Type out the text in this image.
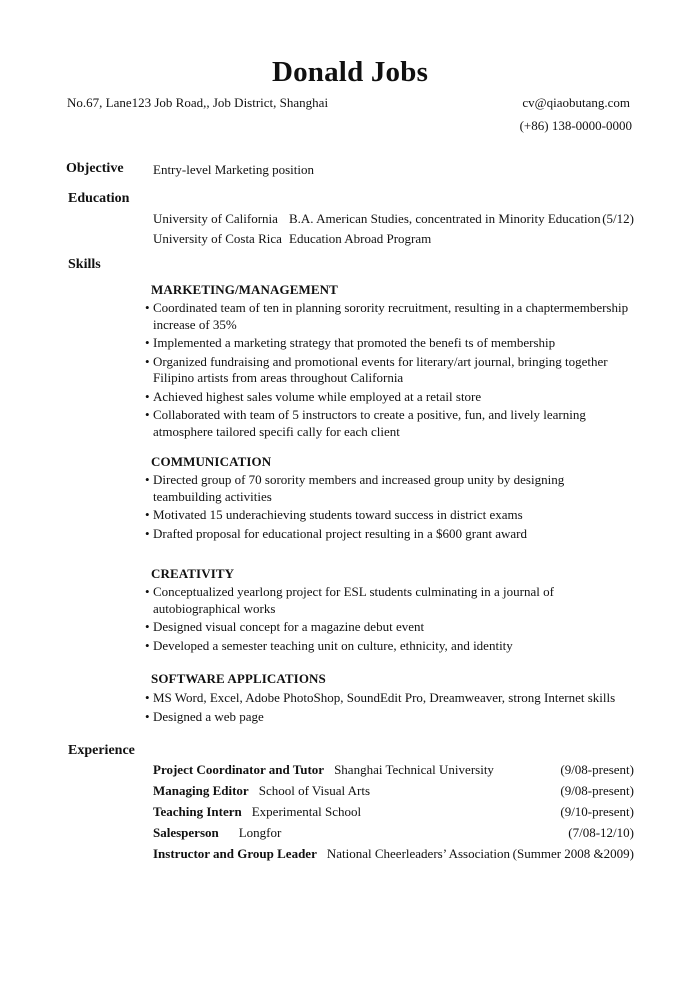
Donald Jobs
No.67, Lane123 Job Road,, Job District, Shanghai	cv@qiaobutang.com
(+86) 138-0000-0000
Objective Entry-level Marketing position
Education
University of California B.A. American Studies, concentrated in Minority Education (5/12)
University of Costa Rica Education Abroad Program
Skills
MARKETING/MANAGEMENT
• Coordinated team of ten in planning sorority recruitment, resulting in a chaptermembership increase of 35%
• Implemented a marketing strategy that promoted the benefi ts of membership
• Organized fundraising and promotional events for literary/art journal, bringing together Filipino artists from areas throughout California
• Achieved highest sales volume while employed at a retail store
• Collaborated with team of 5 instructors to create a positive, fun, and lively learning atmosphere tailored specifi cally for each client
COMMUNICATION
• Directed group of 70 sorority members and increased group unity by designing teambuilding activities
• Motivated 15 underachieving students toward success in district exams
• Drafted proposal for educational project resulting in a $600 grant award
CREATIVITY
• Conceptualized yearlong project for ESL students culminating in a journal of autobiographical works
• Designed visual concept for a magazine debut event
• Developed a semester teaching unit on culture, ethnicity, and identity
SOFTWARE APPLICATIONS
• MS Word, Excel, Adobe PhotoShop, SoundEdit Pro, Dreamweaver, strong Internet skills
• Designed a web page
Experience
Project Coordinator and Tutor Shanghai Technical University	(9/08-present)
Managing Editor School of Visual Arts	(9/08-present)
Teaching Intern Experimental School	(9/10-present)
Salesperson Longfor	(7/08-12/10)
Instructor and Group Leader National Cheerleaders’ Association (Summer 2008 &2009)
